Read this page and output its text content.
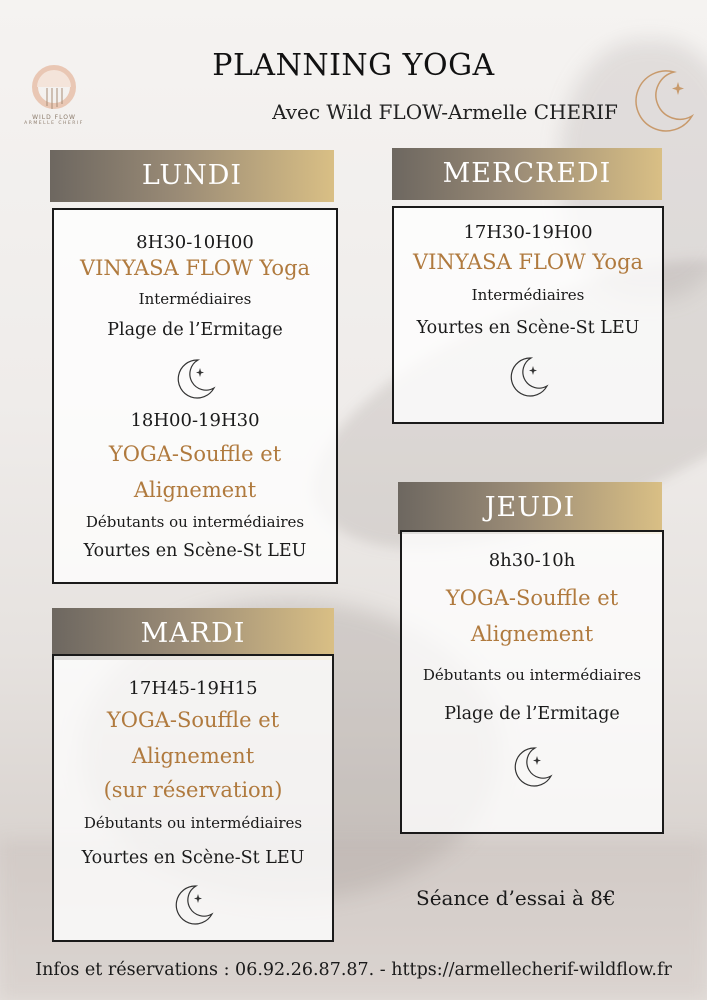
WILD FLOW
ARMELLE CHERIF
PLANNING YOGA
Avec Wild FLOW-Armelle CHERIF
LUNDI
8H30-10H00
VINYASA FLOW Yoga
Intermédiaires
Plage de l’Ermitage
18H00-19H30
YOGA-Souffle et
Alignement
Débutants ou intermédiaires
Yourtes en Scène-St LEU
MERCREDI
17H30-19H00
VINYASA FLOW Yoga
Intermédiaires
Yourtes en Scène-St LEU
JEUDI
8h30-10h
YOGA-Souffle et
Alignement
Débutants ou intermédiaires
Plage de l’Ermitage
MARDI
17H45-19H15
YOGA-Souffle et
Alignement
(sur réservation)
Débutants ou intermédiaires
Yourtes en Scène-St LEU
Séance d’essai à 8€
Infos et réservations : 06.92.26.87.87. - https://armellecherif-wildflow.fr
